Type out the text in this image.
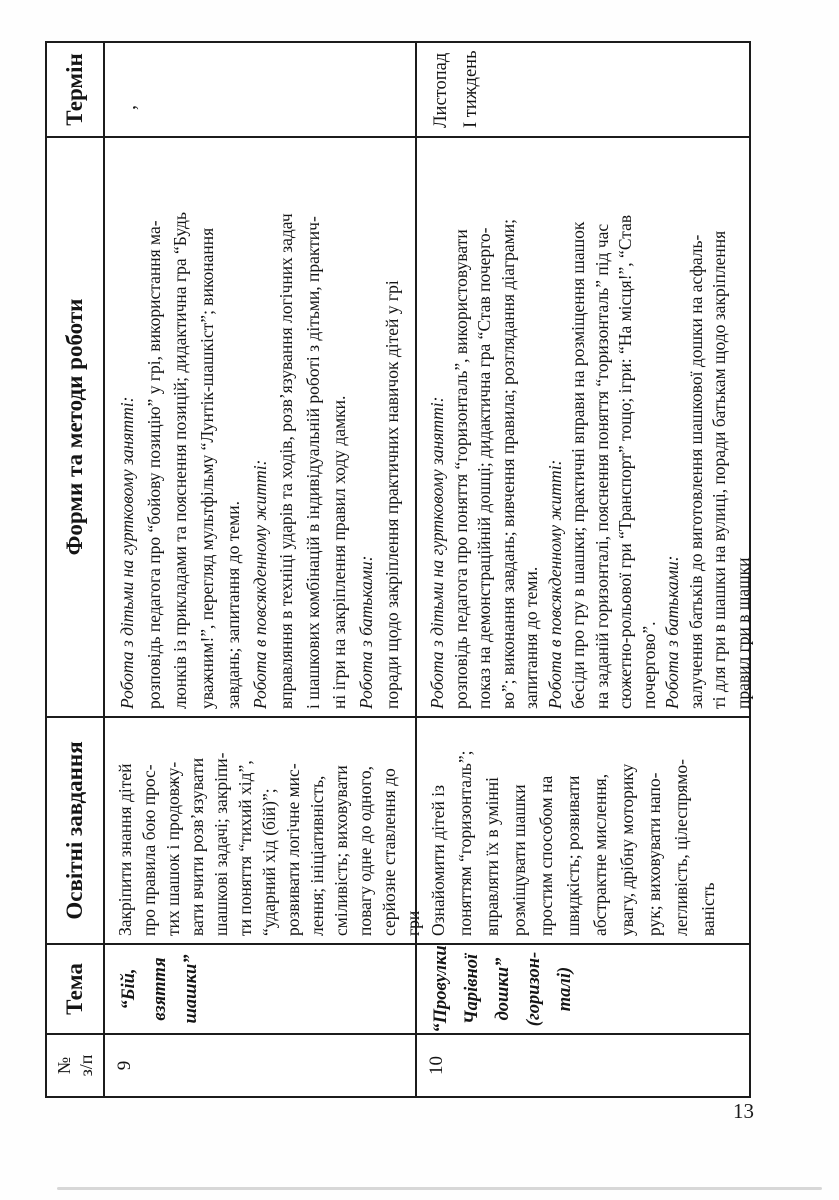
№ з/п
Тема
Освітні завдання
Форми та методи роботи
Термін
9
“Бій, взяття шашки”
Закріпити знання дітей про правила бою прос- тих шашок і продовжу- вати вчити розв’язувати шашкові задачі; закріпи- ти поняття “тихий хід”, “ударний хід (бій)”; розвивати логічне мис- лення; ініціативність, сміливість; виховувати повагу одне до одного, серйозне ставлення до гри
Робота з дітьми на гуртковому занятті: розповідь педагога про “бойову позицію” у грі, використання ма- люнків із прикладами та пояснення позицій; дидактична гра “Будь уважним!”, перегляд мультфільму “Лунтік-шашкіст”; виконання завдань; запитання до теми. Робота в повсякденному житті: вправляння в техніці ударів та ходів, розв’язування логічних задач і шашкових комбінацій в індивідуальній роботі з дітьми, практич- ні ігри на закріплення правил ходу дамки. Робота з батьками: поради щодо закріплення практичних навичок дітей у грі
,
10
“Провулки Чарівної дошки” (горизон- талі)
Ознайомити дітей із поняттям “горизонталь”; вправляти їх в умінні розміщувати шашки простим способом на швидкість; розвивати абстрактне мислення, увагу, дрібну моторику рук; виховувати напо- легливість, цілеспрямо- ваність
Робота з дітьми на гуртковому занятті: розповідь педагога про поняття “горизонталь”, використовувати показ на демонстраційній дошці; дидактична гра “Став почерго- во”; виконання завдань; вивчення правила; розглядання діаграми; запитання до теми. Робота в повсякденному житті: бесіди про гру в шашки; практичні вправи на розміщення шашок на заданій горизонталі, пояснення поняття “горизонталь” під час сюжетно-рольової гри “Транспорт” тощо; ігри: “На місця!”, “Став почергово”. Робота з батьками: залучення батьків до виготовлення шашкової дошки на асфаль- ті для гри в шашки на вулиці, поради батькам щодо закріплення правил гри в шашки
Листопад І тиждень
13
